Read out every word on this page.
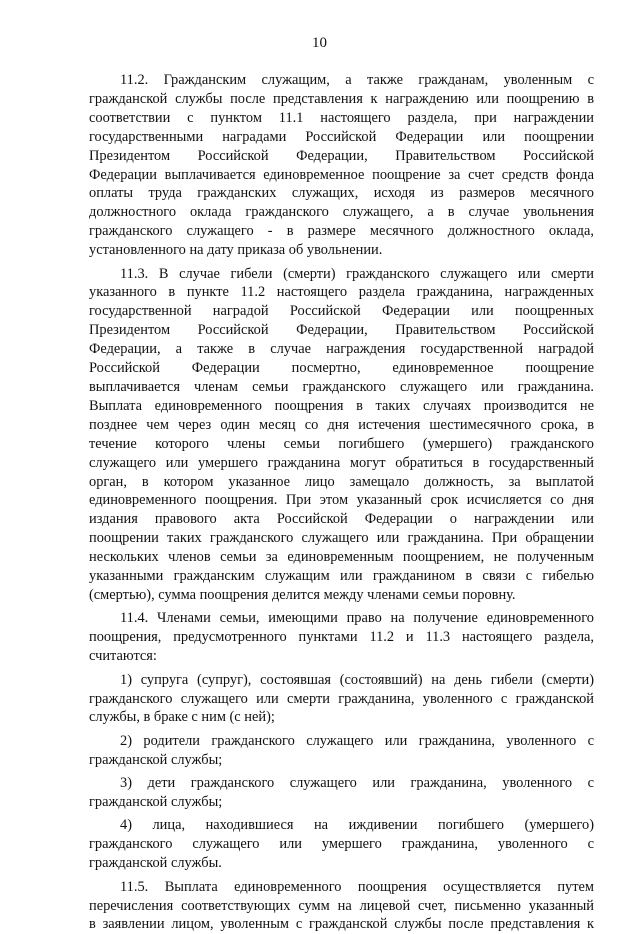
10
11.2. Гражданским служащим, а также гражданам, уволенным с
гражданской службы после представления к награждению или поощрению в
соответствии с пунктом 11.1 настоящего раздела, при награждении
государственными наградами Российской Федерации или поощрении
Президентом Российской Федерации, Правительством Российской
Федерации выплачивается единовременное поощрение за счет средств фонда
оплаты труда гражданских служащих, исходя из размеров месячного
должностного оклада гражданского служащего, а в случае увольнения
гражданского служащего - в размере месячного должностного оклада,
установленного на дату приказа об увольнении.
11.3. В случае гибели (смерти) гражданского служащего или смерти
указанного в пункте 11.2 настоящего раздела гражданина, награжденных
государственной наградой Российской Федерации или поощренных
Президентом Российской Федерации, Правительством Российской
Федерации, а также в случае награждения государственной наградой
Российской Федерации посмертно, единовременное поощрение
выплачивается членам семьи гражданского служащего или гражданина.
Выплата единовременного поощрения в таких случаях производится не
позднее чем через один месяц со дня истечения шестимесячного срока, в
течение которого члены семьи погибшего (умершего) гражданского
служащего или умершего гражданина могут обратиться в государственный
орган, в котором указанное лицо замещало должность, за выплатой
единовременного поощрения. При этом указанный срок исчисляется со дня
издания правового акта Российской Федерации о награждении или
поощрении таких гражданского служащего или гражданина. При обращении
нескольких членов семьи за единовременным поощрением, не полученным
указанными гражданским служащим или гражданином в связи с гибелью
(смертью), сумма поощрения делится между членами семьи поровну.
11.4. Членами семьи, имеющими право на получение единовременного
поощрения, предусмотренного пунктами 11.2 и 11.3 настоящего раздела,
считаются:
1) супруга (супруг), состоявшая (состоявший) на день гибели (смерти)
гражданского служащего или смерти гражданина, уволенного с гражданской
службы, в браке с ним (с ней);
2) родители гражданского служащего или гражданина, уволенного с
гражданской службы;
3) дети гражданского служащего или гражданина, уволенного с
гражданской службы;
4) лица, находившиеся на иждивении погибшего (умершего)
гражданского служащего или умершего гражданина, уволенного с
гражданской службы.
11.5. Выплата единовременного поощрения осуществляется путем
перечисления соответствующих сумм на лицевой счет, письменно указанный
в заявлении лицом, уволенным с гражданской службы после представления к
